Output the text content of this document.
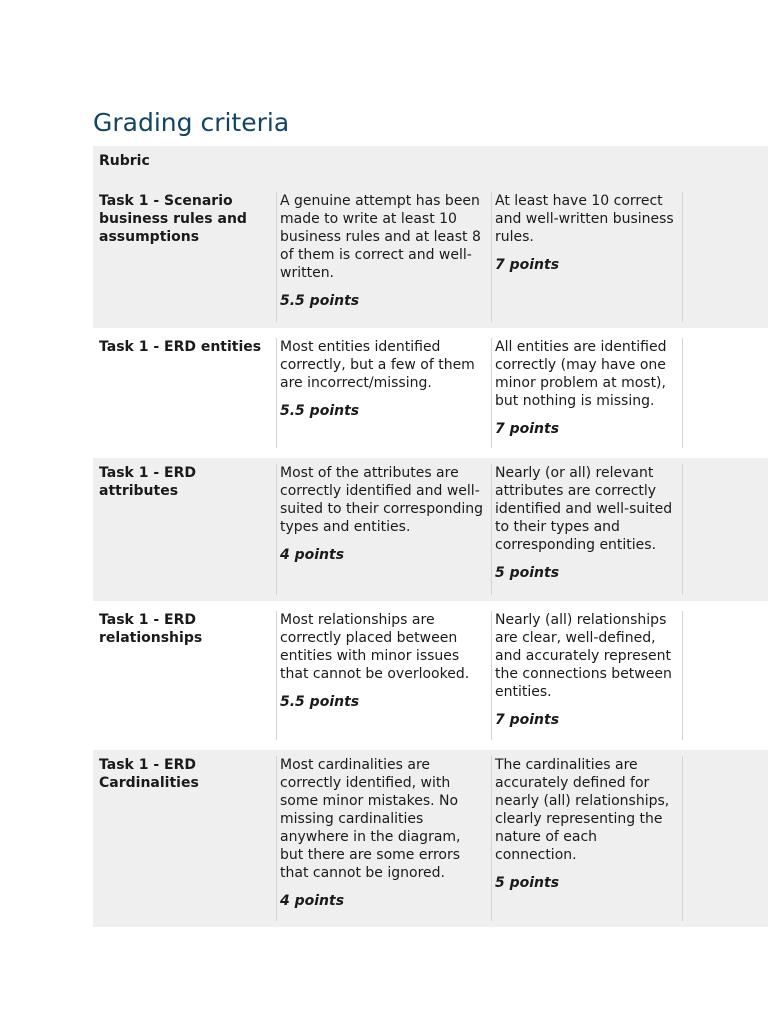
Grading criteria
Rubric
Task 1 - Scenario business rules and assumptions

A genuine attempt has been made to write at least 10 business rules and at least 8 of them is correct and well-written.

5.5 points

At least have 10 correct and well-written business rules.

7 points

Task 1 - ERD entities	Most entities identified correctly, but a few of them are incorrect/missing.

5.5 points

All entities are identified correctly (may have one minor problem at most), but nothing is missing.

7 points

Task 1 - ERD attributes

Most of the attributes are correctly identified and well-suited to their corresponding types and entities.

4 points

Nearly (or all) relevant attributes are correctly identified and well-suited to their types and corresponding entities.

5 points

Task 1 - ERD relationships

Most relationships are correctly placed between entities with minor issues that cannot be overlooked.

5.5 points

Nearly (all) relationships are clear, well-defined, and accurately represent the connections between entities.

7 points

Task 1 - ERD Cardinalities

Most cardinalities are correctly identified, with some minor mistakes. No missing cardinalities anywhere in the diagram, but there are some errors that cannot be ignored.

4 points

The cardinalities are accurately defined for nearly (all) relationships, clearly representing the nature of each connection.

5 points
